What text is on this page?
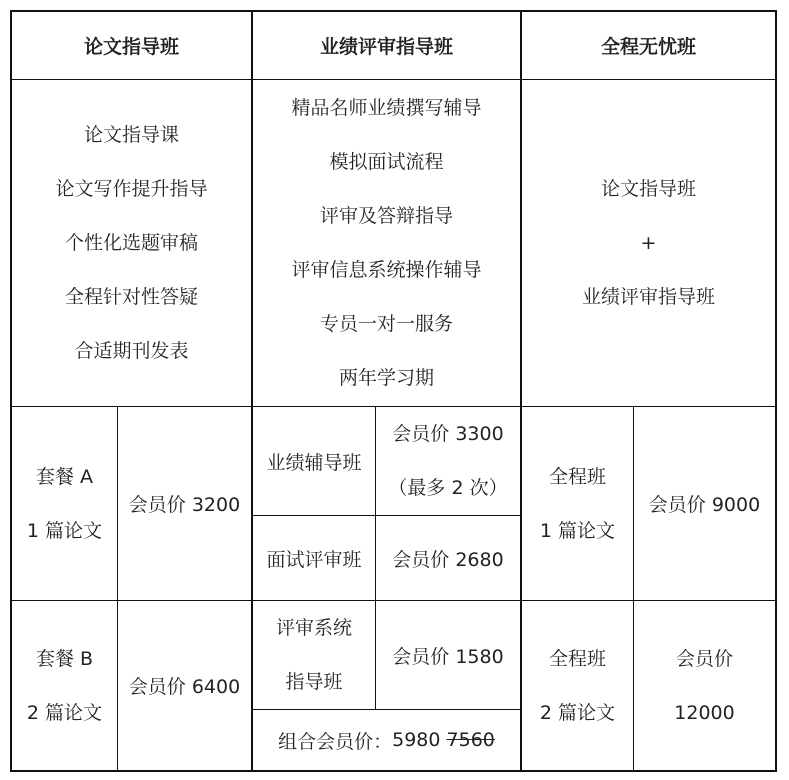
论文指导班	业绩评审指导班	全程无忧班
论文指导课
论文写作提升指导
个性化选题审稿
全程针对性答疑
合适期刊发表
精品名师业绩撰写辅导
模拟面试流程
评审及答辩指导
评审信息系统操作辅导
专员一对一服务
两年学习期
论文指导班
+
业绩评审指导班
套餐 A
1 篇论文
会员价 3200
套餐 B
2 篇论文
会员价 6400
业绩辅导班
会员价 3300
（最多 2 次）
面试评审班 会员价 2680
评审系统
指导班
会员价 1580
组合会员价： 5980
7560
全程班
1 篇论文
会员价 9000
全程班
2 篇论文
会员价
12000
